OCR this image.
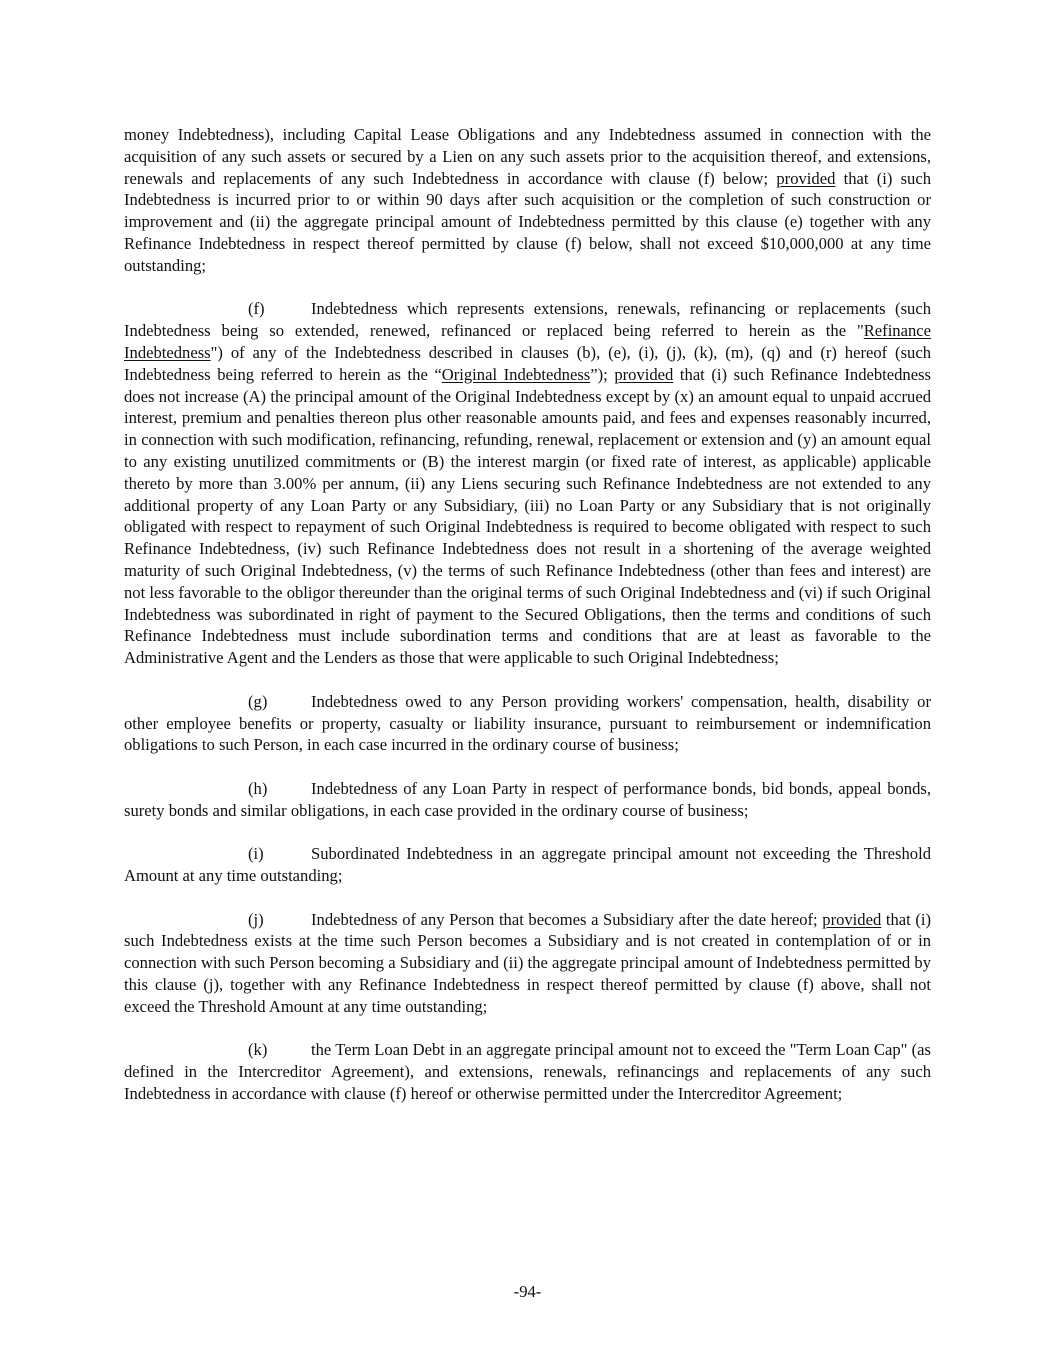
money Indebtedness), including Capital Lease Obligations and any Indebtedness assumed in connection with the acquisition of any such assets or secured by a Lien on any such assets prior to the acquisition thereof, and extensions, renewals and replacements of any such Indebtedness in accordance with clause (f) below; provided that (i) such Indebtedness is incurred prior to or within 90 days after such acquisition or the completion of such construction or improvement and (ii) the aggregate principal amount of Indebtedness permitted by this clause (e) together with any Refinance Indebtedness in respect thereof permitted by clause (f) below, shall not exceed $10,000,000 at any time outstanding;

(f)	Indebtedness which represents extensions, renewals, refinancing or replacements (such Indebtedness being so extended, renewed, refinanced or replaced being referred to herein as the "Refinance Indebtedness") of any of the Indebtedness described in clauses (b), (e), (i), (j), (k), (m), (q) and (r) hereof (such Indebtedness being referred to herein as the “Original Indebtedness”); provided that (i) such Refinance Indebtedness does not increase (A) the principal amount of the Original Indebtedness except by (x) an amount equal to unpaid accrued interest, premium and penalties thereon plus other reasonable amounts paid, and fees and expenses reasonably incurred, in connection with such modification, refinancing, refunding, renewal, replacement or extension and (y) an amount equal to any existing unutilized commitments or (B) the interest margin (or fixed rate of interest, as applicable) applicable thereto by more than 3.00% per annum, (ii) any Liens securing such Refinance Indebtedness are not extended to any additional property of any Loan Party or any Subsidiary, (iii) no Loan Party or any Subsidiary that is not originally obligated with respect to repayment of such Original Indebtedness is required to become obligated with respect to such Refinance Indebtedness, (iv) such Refinance Indebtedness does not result in a shortening of the average weighted maturity of such Original Indebtedness, (v) the terms of such Refinance Indebtedness (other than fees and interest) are not less favorable to the obligor thereunder than the original terms of such Original Indebtedness and (vi) if such Original Indebtedness was subordinated in right of payment to the Secured Obligations, then the terms and conditions of such Refinance Indebtedness must include subordination terms and conditions that are at least as favorable to the Administrative Agent and the Lenders as those that were applicable to such Original Indebtedness;

(g)	Indebtedness owed to any Person providing workers' compensation, health, disability or other employee benefits or property, casualty or liability insurance, pursuant to reimbursement or indemnification obligations to such Person, in each case incurred in the ordinary course of business;

(h)	Indebtedness of any Loan Party in respect of performance bonds, bid bonds, appeal bonds, surety bonds and similar obligations, in each case provided in the ordinary course of business;

(i)	Subordinated Indebtedness in an aggregate principal amount not exceeding the Threshold Amount at any time outstanding;

(j)	Indebtedness of any Person that becomes a Subsidiary after the date hereof; provided that (i) such Indebtedness exists at the time such Person becomes a Subsidiary and is not created in contemplation of or in connection with such Person becoming a Subsidiary and (ii) the aggregate principal amount of Indebtedness permitted by this clause (j), together with any Refinance Indebtedness in respect thereof permitted by clause (f) above, shall not exceed the Threshold Amount at any time outstanding;

(k)	the Term Loan Debt in an aggregate principal amount not to exceed the "Term Loan Cap" (as defined in the Intercreditor Agreement), and extensions, renewals, refinancings and replacements of any such Indebtedness in accordance with clause (f) hereof or otherwise permitted under the Intercreditor Agreement;

-94-
